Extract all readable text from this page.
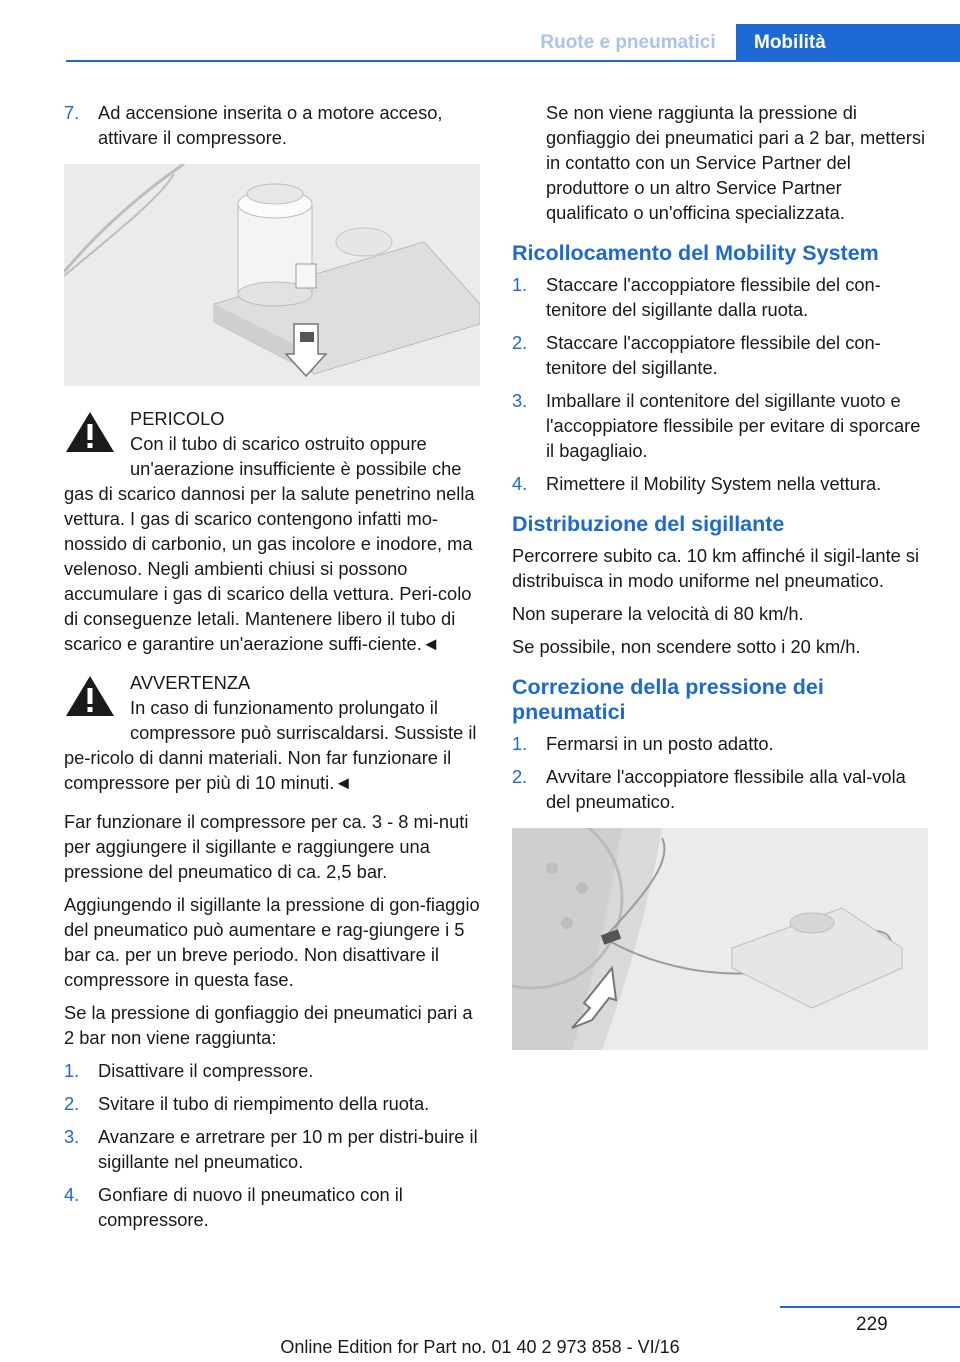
Ruote e pneumatici	Mobilità
7. Ad accensione inserita o a motore acceso, attivare il compressore.
PERICOLO
Con il tubo di scarico ostruito oppure un'aerazione insufficiente è possibile che gas di scarico dannosi per la salute penetrino nella vettura. I gas di scarico contengono infatti mo-nossido di carbonio, un gas incolore e inodore, ma velenoso. Negli ambienti chiusi si possono accumulare i gas di scarico della vettura. Peri-colo di conseguenze letali. Mantenere libero il tubo di scarico e garantire un'aerazione suffi-ciente.◄
AVVERTENZA
In caso di funzionamento prolungato il compressore può surriscaldarsi. Sussiste il pe-ricolo di danni materiali. Non far funzionare il compressore per più di 10 minuti.◄

Far funzionare il compressore per ca. 3 - 8 mi-nuti per aggiungere il sigillante e raggiungere una pressione del pneumatico di ca. 2,5 bar.

Aggiungendo il sigillante la pressione di gon-fiaggio del pneumatico può aumentare e rag-giungere i 5 bar ca. per un breve periodo. Non disattivare il compressore in questa fase.

Se la pressione di gonfiaggio dei pneumatici pari a 2 bar non viene raggiunta:

1. Disattivare il compressore.
2. Svitare il tubo di riempimento della ruota.
3. Avanzare e arretrare per 10 m per distri-buire il sigillante nel pneumatico.
4. Gonfiare di nuovo il pneumatico con il compressore.

Se non viene raggiunta la pressione di gonfiaggio dei pneumatici pari a 2 bar, mettersi in contatto con un Service Partner del produttore o un altro Service Partner qualificato o un'officina specializzata.

Ricollocamento del Mobility System
1. Staccare l'accoppiatore flessibile del con-tenitore del sigillante dalla ruota.
2. Staccare l'accoppiatore flessibile del con-tenitore del sigillante.
3. Imballare il contenitore del sigillante vuoto e l'accoppiatore flessibile per evitare di sporcare il bagagliaio.
4. Rimettere il Mobility System nella vettura.
Distribuzione del sigillante

Percorrere subito ca. 10 km affinché il sigil-lante si distribuisca in modo uniforme nel pneumatico.

Non superare la velocità di 80 km/h.

Se possibile, non scendere sotto i 20 km/h.

Correzione della pressione dei pneumatici
1. Fermarsi in un posto adatto.
2. Avvitare l'accoppiatore flessibile alla val-vola del pneumatico.
229
Online Edition for Part no. 01 40 2 973 858 - VI/16
